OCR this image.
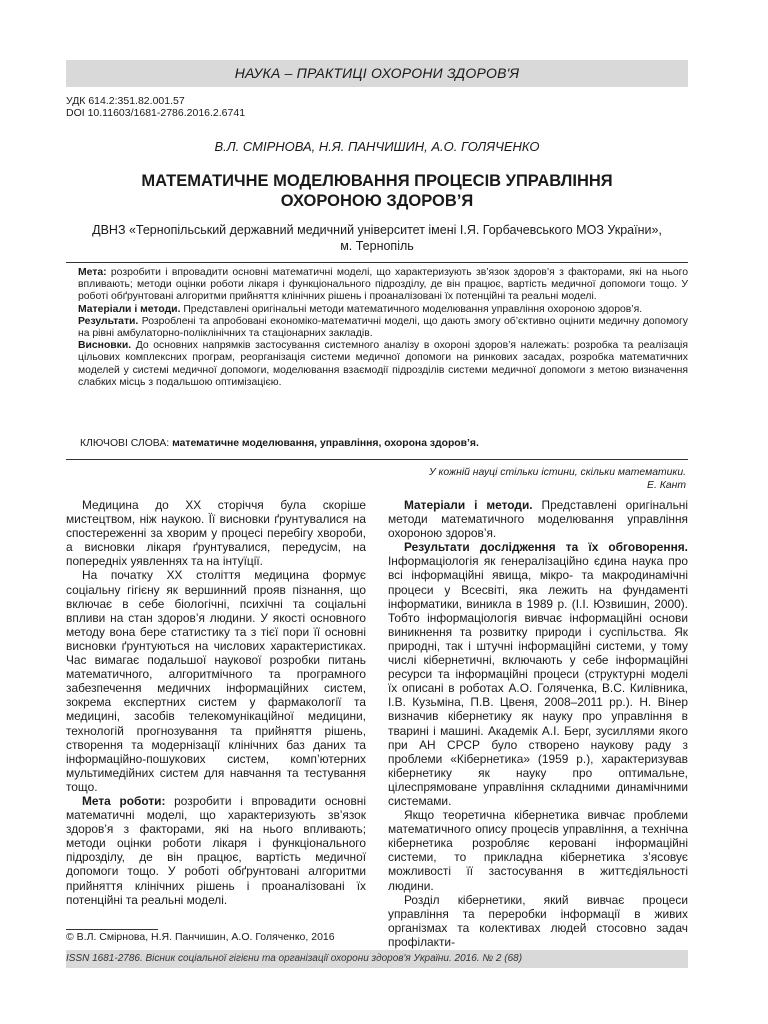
НАУКА – ПРАКТИЦІ ОХОРОНИ ЗДОРОВ'Я
УДК 614.2:351.82.001.57
DOI 10.11603/1681-2786.2016.2.6741
В.Л. СМІРНОВА, Н.Я. ПАНЧИШИН, А.О. ГОЛЯЧЕНКО
МАТЕМАТИЧНЕ МОДЕЛЮВАННЯ ПРОЦЕСІВ УПРАВЛІННЯ
ОХОРОНОЮ ЗДОРОВ’Я
ДВНЗ «Тернопільський державний медичний університет імені І.Я. Горбачевського МОЗ України»,
м. Тернопіль

Мета: розробити і впровадити основні математичні моделі, що характеризують зв’язок здоров’я з факторами, які на нього впливають; методи оцінки роботи лікаря і функціонального підрозділу, де він працює, вартість медичної допомоги тощо. У роботі обґрунтовані алгоритми прийняття клінічних рішень і проаналізовані їх потенційні та реальні моделі.

Матеріали і методи. Представлені оригінальні методи математичного моделювання управління охороною здоров’я.

Результати. Розроблені та апробовані економіко-математичні моделі, що дають змогу об’єктивно оцінити медичну допомогу на рівні амбулаторно-поліклінічних та стаціонарних закладів.

Висновки. До основних напрямків застосування системного аналізу в охороні здоров’я належать: розробка та реалізація цільових комплексних програм, реорганізація системи медичної допомоги на ринкових засадах, розробка математичних моделей у системі медичної допомоги, моделювання взаємодії підрозділів системи медичної допомоги з метою визначення слабких місць з подальшою оптимізацією.

КЛЮЧОВІ СЛОВА: математичне моделювання, управління, охорона здоров’я.
У кожній науці стільки істини, скільки математики.
Е. Кант

Медицина до XX сторіччя була скоріше мистецтвом, ніж наукою. Її висновки ґрунтувалися на спостереженні за хворим у процесі перебігу хвороби, а висновки лікаря ґрунтувалися, передусім, на попередніх уявленнях та на інтуїції.

На початку XX століття медицина формує соціальну гігієну як вершинний прояв пізнання, що включає в себе біологічні, психічні та соціальні впливи на стан здоров’я людини. У якості основного методу вона бере статистику та з тієї пори її основні висновки ґрунтуються на числових характеристиках. Час вимагає подальшої наукової розробки питань математичного, алгоритмічного та програмного забезпечення медичних інформаційних систем, зокрема експертних систем у фармакології та медицині, засобів телекомунікаційної медицини, технологій прогнозування та прийняття рішень, створення та модернізації клінічних баз даних та інформаційно-пошукових систем, комп’ютерних мультимедійних систем для навчання та тестування тощо.

Мета роботи: розробити і впровадити основні математичні моделі, що характеризують зв’язок здоров’я з факторами, які на нього впливають; методи оцінки роботи лікаря і функціонального підрозділу, де він працює, вартість медичної допомоги тощо. У роботі обґрунтовані алгоритми прийняття клінічних рішень і проаналізовані їх потенційні та реальні моделі.

Матеріали і методи. Представлені оригінальні методи математичного моделювання управління охороною здоров’я.

Результати дослідження та їх обговорення. Інформаціологія як генералізаційно єдина наука про всі інформаційні явища, мікро- та макродинамічні процеси у Всесвіті, яка лежить на фундаменті інформатики, виникла в 1989 р. (І.І. Юзвишин, 2000). Тобто інформаціологія вивчає інформаційні основи виникнення та розвитку природи і суспільства. Як природні, так і штучні інформаційні системи, у тому числі кібернетичні, включають у себе інформаційні ресурси та інформаційні процеси (структурні моделі їх описані в роботах А.О. Голяченка, В.С. Килівника, І.В. Кузьміна, П.В. Цвеня, 2008–2011 рр.). Н. Вінер визначив кібернетику як науку про управління в тварині і машині. Академік А.І. Берг, зусиллями якого при АН СРСР було створено наукову раду з проблеми «Кібернетика» (1959 р.), характеризував кібернетику як науку про оптимальне, цілеспрямоване управління складними динамічними системами.

Якщо теоретична кібернетика вивчає проблеми математичного опису процесів управління, а технічна кібернетика розробляє керовані інформаційні системи, то прикладна кібернетика з’ясовує можливості її застосування в життєдіяльності людини.

Розділ кібернетики, який вивчає процеси управління та переробки інформації в живих організмах та колективах людей стосовно задач профілакти-

© В.Л. Смірнова, Н.Я. Панчишин, А.О. Голяченко, 2016
ISSN 1681-2786. Вісник соціальної гігієни та організації охорони здоров'я України. 2016. № 2 (68)
